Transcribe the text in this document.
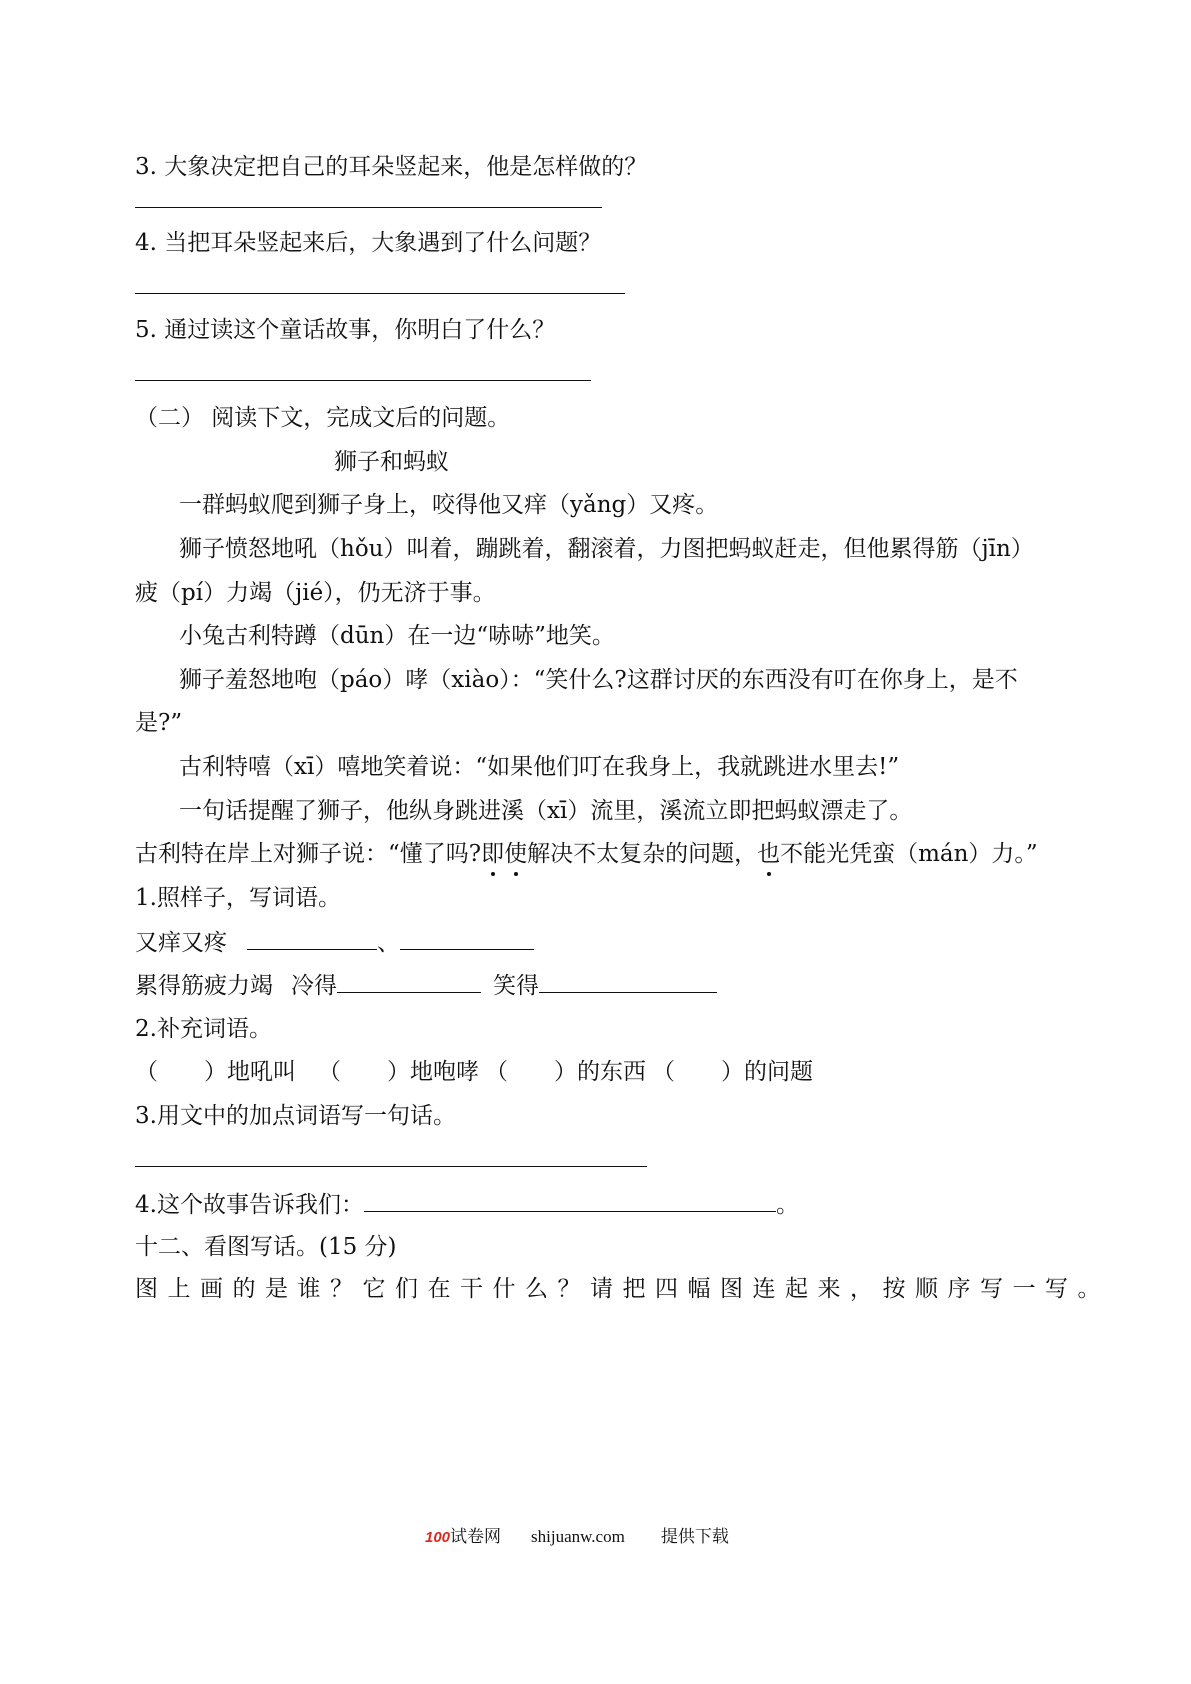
3. 大象决定把自己的耳朵竖起来，他是怎样做的？
4. 当把耳朵竖起来后，大象遇到了什么问题？
5. 通过读这个童话故事，你明白了什么？
（二） 阅读下文，完成文后的问题。
狮子和蚂蚁
一群蚂蚁爬到狮子身上，咬得他又痒（yǎng）又疼。
狮子愤怒地吼（hǒu）叫着，蹦跳着，翻滚着，力图把蚂蚁赶走，但他累得筋（jīn）
疲（pí）力竭（jié），仍无济于事。
小兔古利特蹲（dūn）在一边“哧哧”地笑。
狮子羞怒地咆（páo）哮（xiào）：“笑什么?这群讨厌的东西没有叮在你身上，是不
是?”
古利特嘻（xī）嘻地笑着说：“如果他们叮在我身上，我就跳进水里去!”
一句话提醒了狮子，他纵身跳进溪（xī）流里，溪流立即把蚂蚁漂走了。
古利特在岸上对狮子说：“懂了吗?即使解决不太复杂的问题，也不能光凭蛮（mán）力。”
1.照样子，写词语。
又痒又疼	、
累得筋疲力竭 冷得	笑得
2.补充词语。
（　　）地吼叫 （　　）地咆哮 （　　）的东西 （　　）的问题
3.用文中的加点词语写一句话。
4.这个故事告诉我们：	。
十二、看图写话。(15 分)
图上画的是谁？它们在干什么？请把四幅图连起来，按顺序写一写。
100试卷网 shijuanw.com 提供下载
